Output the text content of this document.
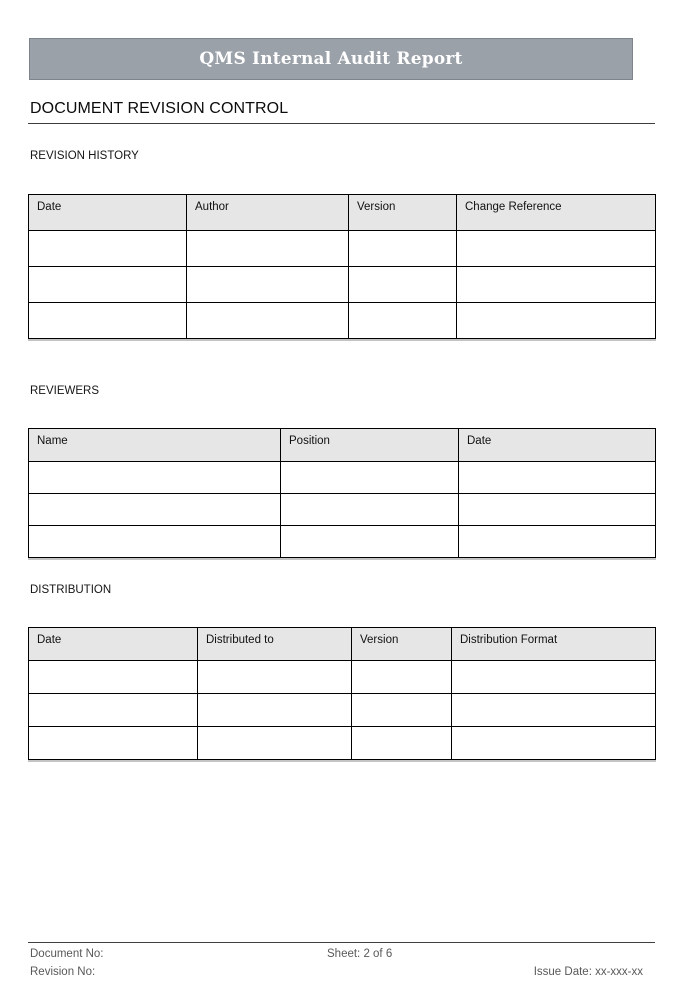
QMS Internal Audit Report
DOCUMENT REVISION CONTROL
REVISION HISTORY
Date	Author	Version	Change Reference

REVIEWERS
Name	Position	Date

DISTRIBUTION
Date	Distributed to	Version	Distribution Format

Document No:	Sheet: 2 of 6
Revision No:	Issue Date: xx-xxx-xx
